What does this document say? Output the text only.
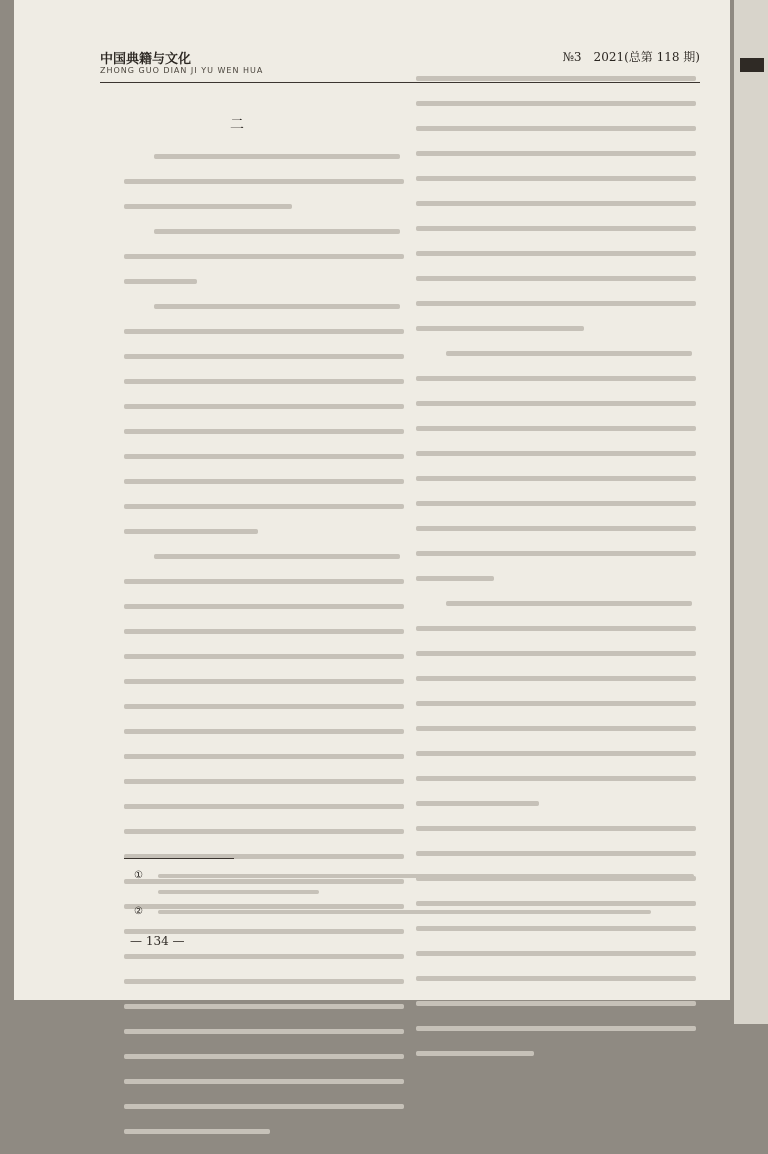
中国典籍与文化
ZHONG GUO DIAN JI YU WEN HUA
№3　2021(总第 118 期)
二
①
②
— 134 —
